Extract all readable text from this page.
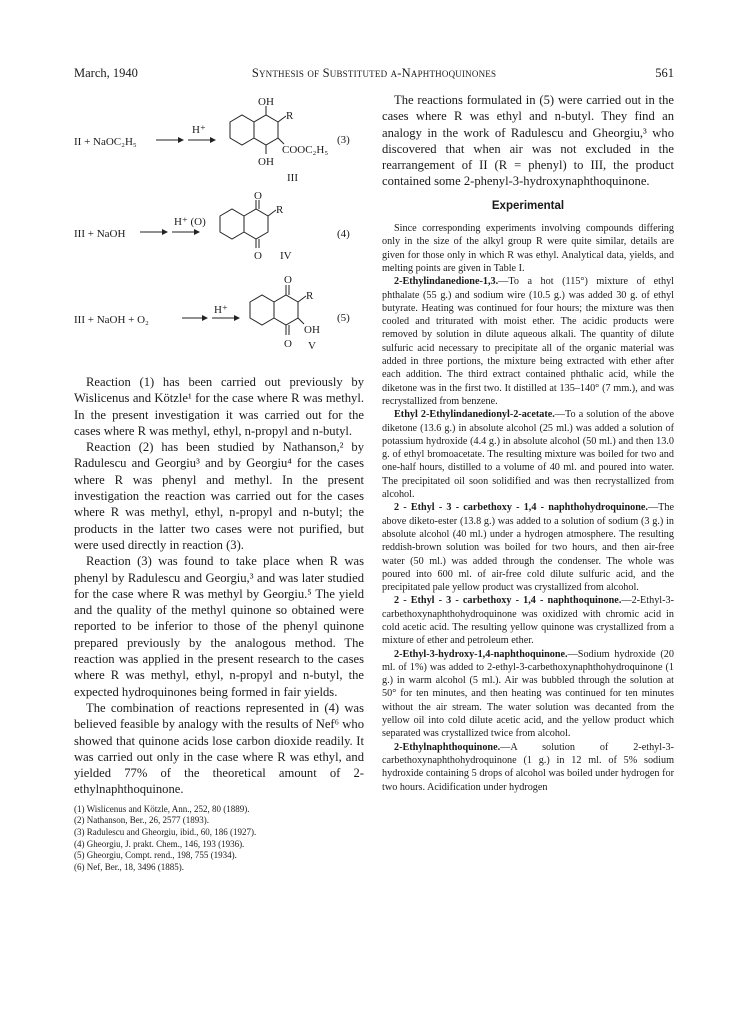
March, 1940	Synthesis of Substituted α-Naphthoquinones	561
II + NaOC₂H₅
H⁺
OH
R
COOC₂H₅
OH
(3)
III
III + NaOH
H⁺ (O)
O
R
O IV
(4)
III + NaOH + O₂
H⁺
O
R
OH
O V
(5)

Reaction (1) has been carried out previously by Wislicenus and Kötzle¹ for the case where R was methyl. In the present investigation it was carried out for the cases where R was methyl, ethyl, n-propyl and n-butyl.

Reaction (2) has been studied by Nathanson,² by Radulescu and Georgiu³ and by Georgiu⁴ for the cases where R was phenyl and methyl. In the present investigation the reaction was carried out for the cases where R was methyl, ethyl, n-propyl and n-butyl; the products in the latter two cases were not purified, but were used directly in reaction (3).

Reaction (3) was found to take place when R was phenyl by Radulescu and Georgiu,³ and was later studied for the case where R was methyl by Georgiu.⁵ The yield and the quality of the methyl quinone so obtained were reported to be inferior to those of the phenyl quinone prepared previously by the analogous method. The reaction was applied in the present research to the cases where R was methyl, ethyl, n-propyl and n-butyl, the expected hydroquinones being formed in fair yields.

The combination of reactions represented in (4) was believed feasible by analogy with the results of Nef⁶ who showed that quinone acids lose carbon dioxide readily. It was carried out only in the case where R was ethyl, and yielded 77% of the theoretical amount of 2-ethylnaphthoquinone.

(1) Wislicenus and Kötzle, Ann., 252, 80 (1889).
(2) Nathanson, Ber., 26, 2577 (1893).
(3) Radulescu and Gheorgiu, ibid., 60, 186 (1927).
(4) Gheorgiu, J. prakt. Chem., 146, 193 (1936).
(5) Gheorgiu, Compt. rend., 198, 755 (1934).
(6) Nef, Ber., 18, 3496 (1885).

The reactions formulated in (5) were carried out in the cases where R was ethyl and n-butyl. They find an analogy in the work of Radulescu and Gheorgiu,³ who discovered that when air was not excluded in the rearrangement of II (R = phenyl) to III, the product contained some 2-phenyl-3-hydroxynaphthoquinone.

Experimental

Since corresponding experiments involving compounds differing only in the size of the alkyl group R were quite similar, details are given for those only in which R was ethyl. Analytical data, yields, and melting points are given in Table I.

2-Ethylindanedione-1,3.—To a hot (115°) mixture of ethyl phthalate (55 g.) and sodium wire (10.5 g.) was added 30 g. of ethyl butyrate. Heating was continued for four hours; the mixture was then cooled and triturated with moist ether. The acidic products were removed by solution in dilute aqueous alkali. The quantity of dilute sulfuric acid necessary to precipitate all of the organic material was added in three portions, the mixture being extracted with ether after each addition. The third extract contained phthalic acid, while the diketone was in the first two. It distilled at 135–140° (7 mm.), and was recrystallized from benzene.

Ethyl 2-Ethylindanedionyl-2-acetate.—To a solution of the above diketone (13.6 g.) in absolute alcohol (25 ml.) was added a solution of potassium hydroxide (4.4 g.) in absolute alcohol (50 ml.) and then 13.0 g. of ethyl bromoacetate. The resulting mixture was boiled for two and one-half hours, distilled to a volume of 40 ml. and poured into water. The precipitated oil soon solidified and was then recrystallized from alcohol.

2 - Ethyl - 3 - carbethoxy - 1,4 - naphthohydroquinone.—The above diketo-ester (13.8 g.) was added to a solution of sodium (3 g.) in absolute alcohol (40 ml.) under a hydrogen atmosphere. The resulting reddish-brown solution was boiled for two hours, and then air-free water (50 ml.) was added through the condenser. The whole was poured into 600 ml. of air-free cold dilute sulfuric acid, and the precipitated pale yellow product was crystallized from alcohol.

2 - Ethyl - 3 - carbethoxy - 1,4 - naphthoquinone.—2-Ethyl-3-carbethoxynaphthohydroquinone was oxidized with chromic acid in cold acetic acid. The resulting yellow quinone was crystallized from a mixture of ether and petroleum ether.

2-Ethyl-3-hydroxy-1,4-naphthoquinone.—Sodium hydroxide (20 ml. of 1%) was added to 2-ethyl-3-carbethoxynaphthohydroquinone (1 g.) in warm alcohol (5 ml.). Air was bubbled through the solution at 50° for ten minutes, and then heating was continued for ten minutes without the air stream. The water solution was decanted from the yellow oil into cold dilute acetic acid, and the yellow product which separated was crystallized twice from alcohol.

2-Ethylnaphthoquinone.—A solution of 2-ethyl-3-carbethoxynaphthohydroquinone (1 g.) in 12 ml. of 5% sodium hydroxide containing 5 drops of alcohol was boiled under hydrogen for two hours. Acidification under hydrogen
